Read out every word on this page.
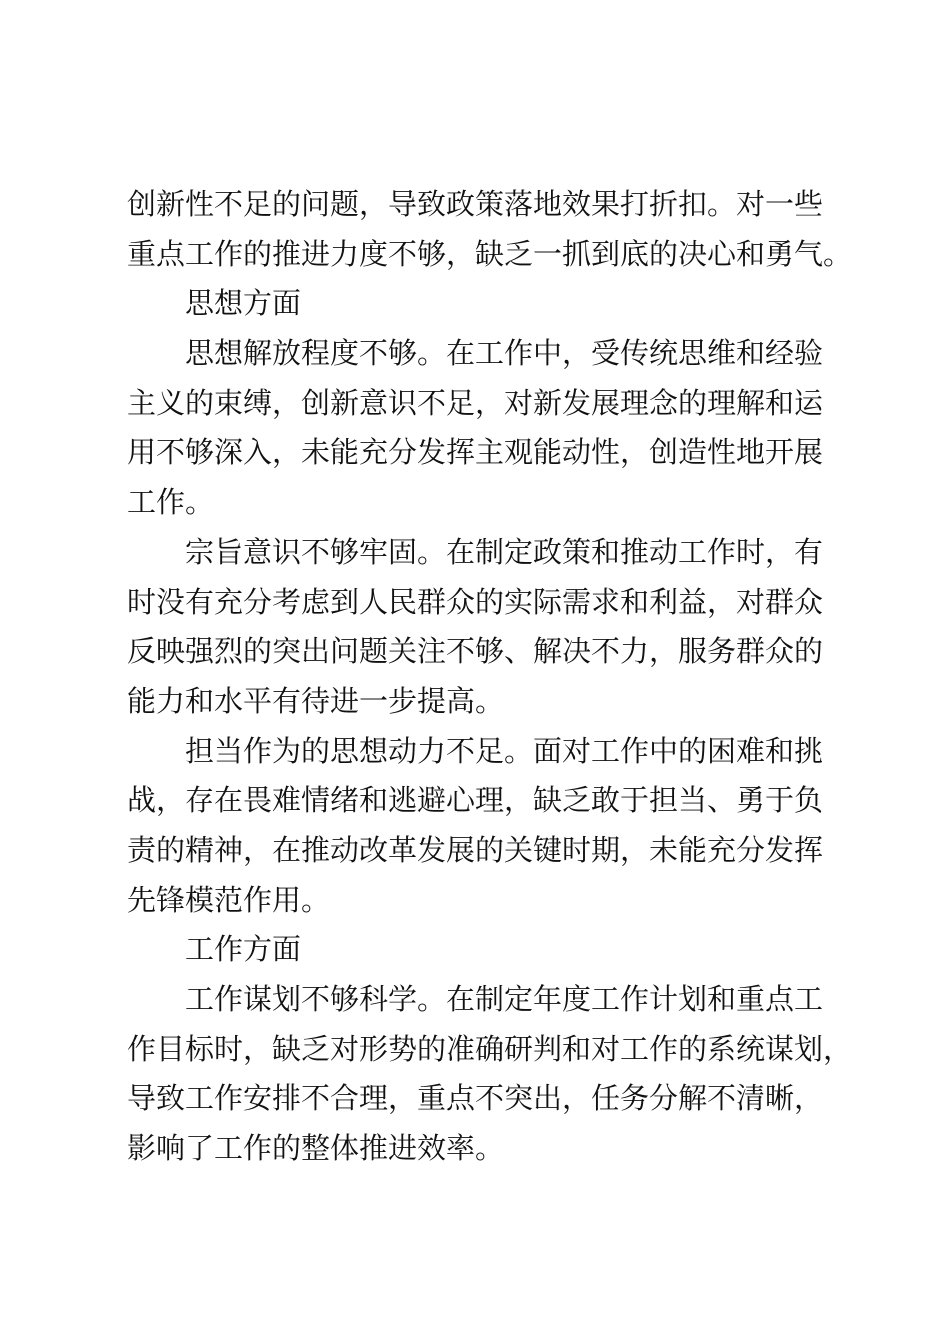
创新性不足的问题，导致政策落地效果打折扣。对一些
重点工作的推进力度不够，缺乏一抓到底的决心和勇气。
思想方面
思想解放程度不够。在工作中，受传统思维和经验
主义的束缚，创新意识不足，对新发展理念的理解和运
用不够深入，未能充分发挥主观能动性，创造性地开展
工作。
宗旨意识不够牢固。在制定政策和推动工作时，有
时没有充分考虑到人民群众的实际需求和利益，对群众
反映强烈的突出问题关注不够、解决不力，服务群众的
能力和水平有待进一步提高。
担当作为的思想动力不足。面对工作中的困难和挑
战，存在畏难情绪和逃避心理，缺乏敢于担当、勇于负
责的精神，在推动改革发展的关键时期，未能充分发挥
先锋模范作用。
工作方面
工作谋划不够科学。在制定年度工作计划和重点工
作目标时，缺乏对形势的准确研判和对工作的系统谋划，
导致工作安排不合理，重点不突出，任务分解不清晰，
影响了工作的整体推进效率。
